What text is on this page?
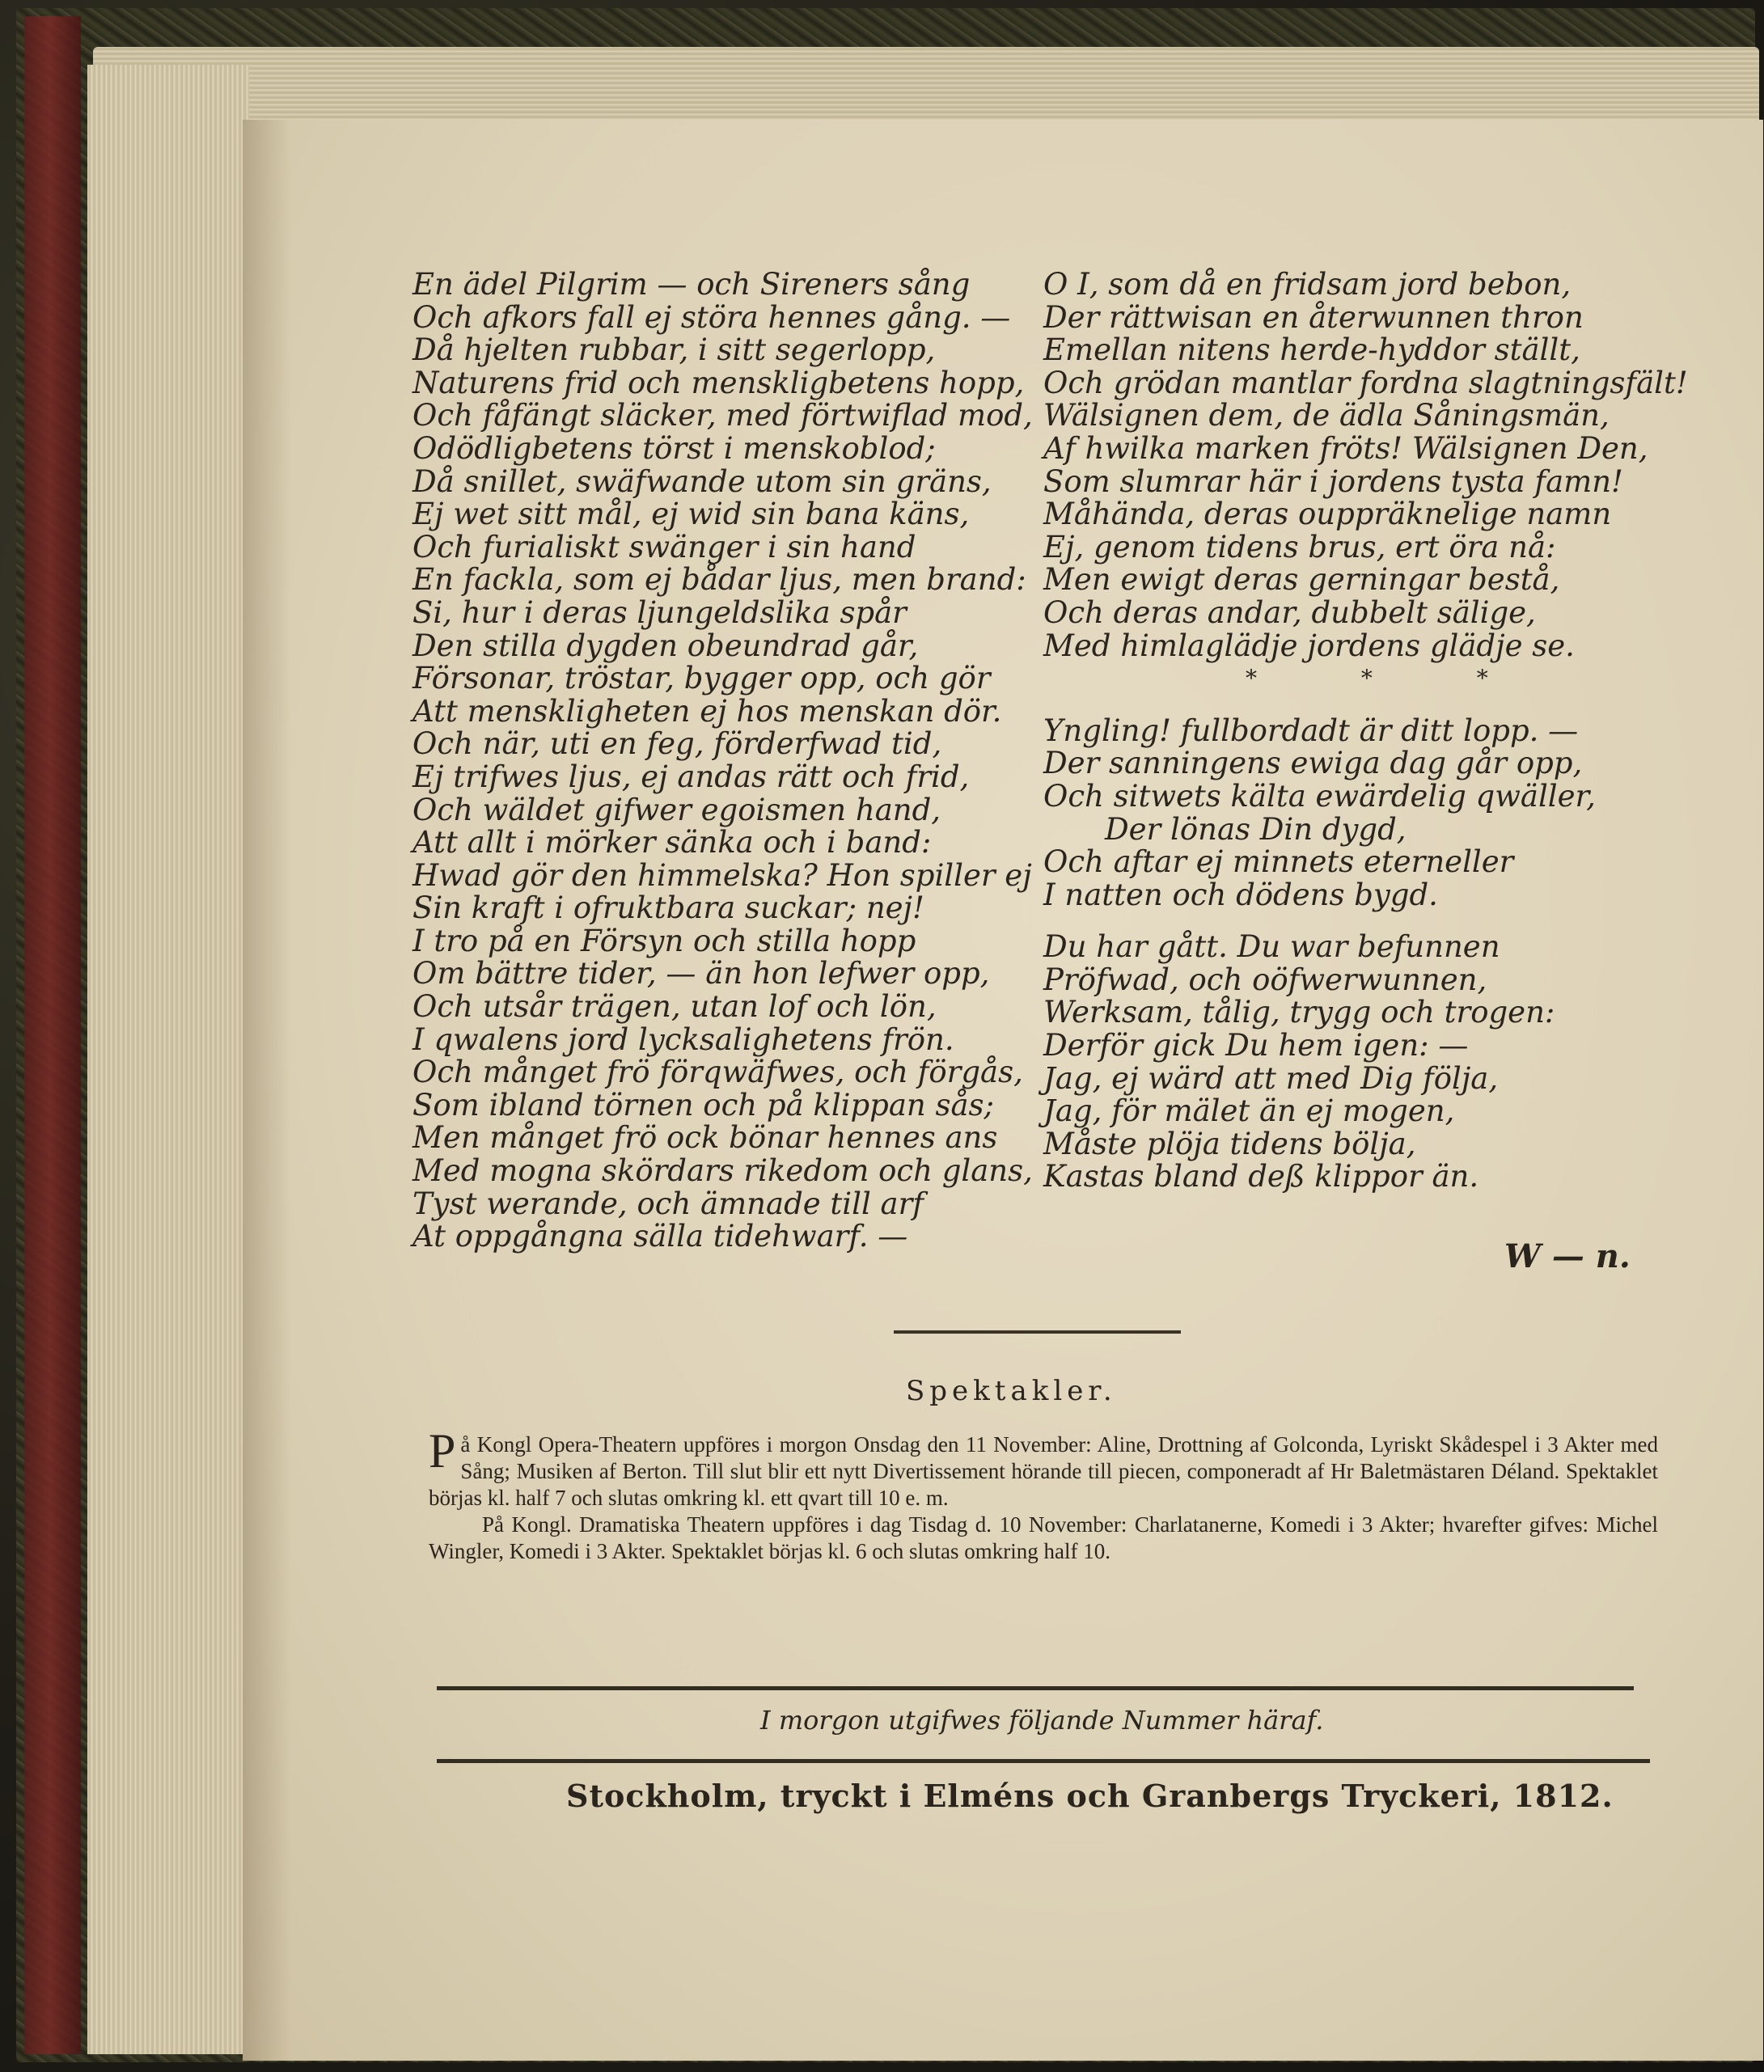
En ädel Pilgrim — och Sireners sång
Och afkors fall ej störa hennes gång. —
Då hjelten rubbar, i sitt segerlopp,
Naturens frid och menskligbetens hopp,
Och fåfängt släcker, med förtwiflad mod,
Odödligbetens törst i menskoblod;
Då snillet, swäfwande utom sin gräns,
Ej wet sitt mål, ej wid sin bana käns,
Och furialiskt swänger i sin hand
En fackla, som ej bådar ljus, men brand:
Si, hur i deras ljungeldslika spår
Den stilla dygden obeundrad går,
Försonar, tröstar, bygger opp, och gör
Att menskligheten ej hos menskan dör.
Och när, uti en feg, förderfwad tid,
Ej trifwes ljus, ej andas rätt och frid,
Och wäldet gifwer egoismen hand,
Att allt i mörker sänka och i band:
Hwad gör den himmelska? Hon spiller ej
Sin kraft i ofruktbara suckar; nej!
I tro på en Försyn och stilla hopp
Om bättre tider, — än hon lefwer opp,
Och utsår trägen, utan lof och lön,
I qwalens jord lycksalighetens frön.
Och månget frö förqwäfwes, och förgås,
Som ibland törnen och på klippan sås;
Men månget frö ock bönar hennes ans
Med mogna skördars rikedom och glans,
Tyst werande, och ämnade till arf
At oppgångna sälla tidehwarf. —
O I, som då en fridsam jord bebon,
Der rättwisan en återwunnen thron
Emellan nitens herde-hyddor ställt,
Och grödan mantlar fordna slagtningsfält!
Wälsignen dem, de ädla Såningsmän,
Af hwilka marken fröts! Wälsignen Den,
Som slumrar här i jordens tysta famn!
Måhända, deras ouppräknelige namn
Ej, genom tidens brus, ert öra nå:
Men ewigt deras gerningar bestå,
Och deras andar, dubbelt sälige,
Med himlaglädje jordens glädje se.
* * *
Yngling! fullbordadt är ditt lopp. —
Der sanningens ewiga dag går opp,
Och sitwets kälta ewärdelig qwäller,
Der lönas Din dygd,
Och aftar ej minnets eterneller
I natten och dödens bygd.
Du har gått. Du war befunnen
Pröfwad, och oöfwerwunnen,
Werksam, tålig, trygg och trogen:
Derför gick Du hem igen: —
Jag, ej wärd att med Dig följa,
Jag, för mälet än ej mogen,
Måste plöja tidens bölja,
Kastas bland deß klippor än.
W — n.
Spektakler.

På Kongl Opera-Theatern uppföres i morgon Onsdag den 11 November: Aline, Drottning af Golconda, Lyriskt Skådespel i 3 Akter med Sång; Musiken af Berton. Till slut blir ett nytt Divertissement hörande till piecen, componeradt af Hr Baletmästaren Déland. Spektaklet börjas kl. half 7 och slutas omkring kl. ett qvart till 10 e. m.

På Kongl. Dramatiska Theatern uppföres i dag Tisdag d. 10 November: Charlatanerne, Komedi i 3 Akter; hvarefter gifves: Michel Wingler, Komedi i 3 Akter. Spektaklet börjas kl. 6 och slutas omkring half 10.

I morgon utgifwes följande Nummer häraf.
Stockholm, tryckt i Elméns och Granbergs Tryckeri, 1812.
